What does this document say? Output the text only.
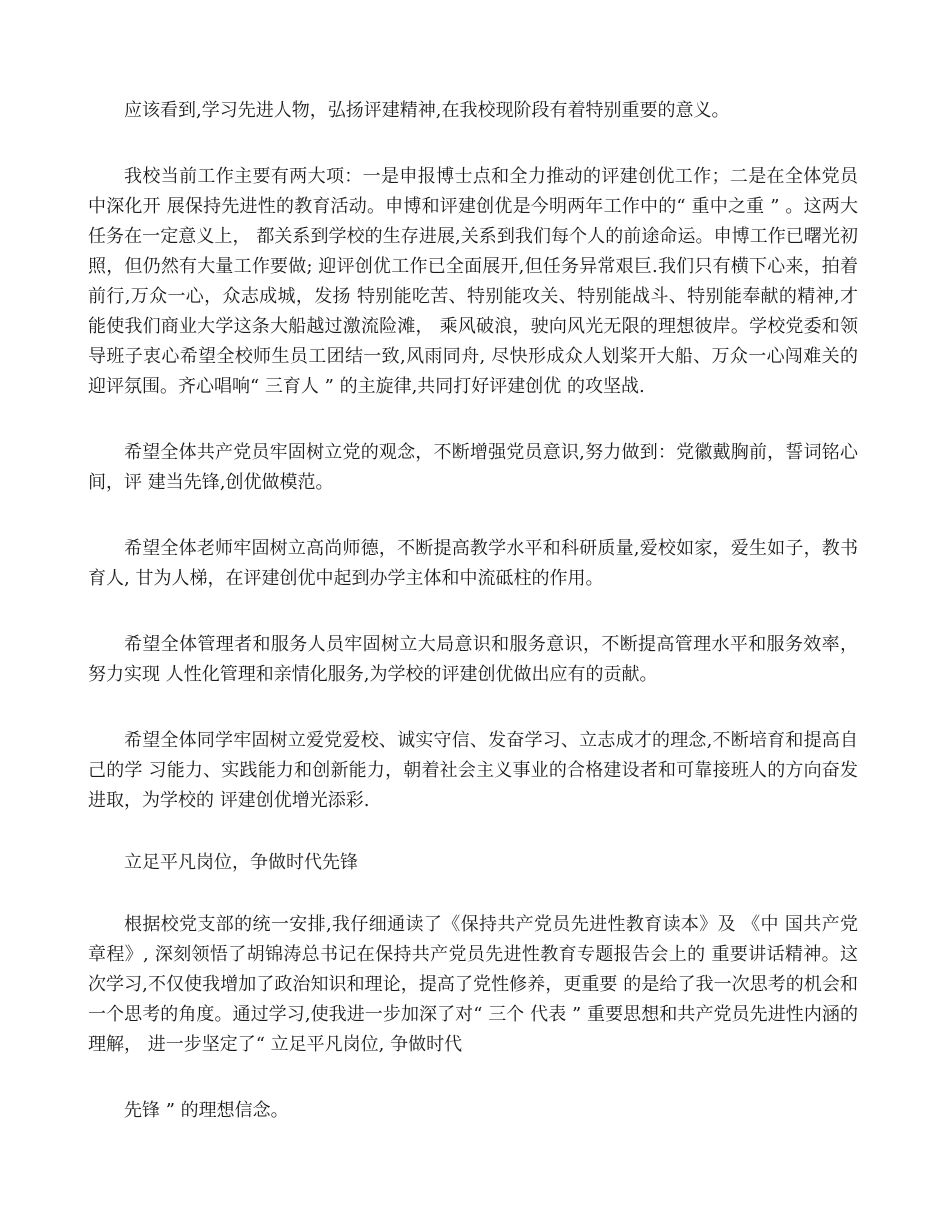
应该看到,学习先进人物，弘扬评建精神,在我校现阶段有着特别重要的意义。

我校当前工作主要有两大项：一是申报博士点和全力推动的评建创优工作；二是在全体党员中深化开 展保持先进性的教育活动。申博和评建创优是今明两年工作中的“ 重中之重 ” 。这两大任务在一定意义上， 都关系到学校的生存进展,关系到我们每个人的前途命运。申博工作已曙光初照，但仍然有大量工作要做; 迎评创优工作已全面展开,但任务异常艰巨.我们只有横下心来，拍着前行,万众一心，众志成城，发扬 特别能吃苦、特别能攻关、特别能战斗、特别能奉献的精神,才能使我们商业大学这条大船越过激流险滩， 乘风破浪，驶向风光无限的理想彼岸。学校党委和领导班子衷心希望全校师生员工团结一致,风雨同舟, 尽快形成众人划桨开大船、万众一心闯难关的迎评氛围。齐心唱响“ 三育人 ” 的主旋律,共同打好评建创优 的攻坚战.

希望全体共产党员牢固树立党的观念，不断增强党员意识,努力做到：党徽戴胸前，誓词铭心间，评 建当先锋,创优做模范。

希望全体老师牢固树立高尚师德，不断提高教学水平和科研质量,爱校如家，爱生如子，教书育人, 甘为人梯，在评建创优中起到办学主体和中流砥柱的作用。

希望全体管理者和服务人员牢固树立大局意识和服务意识，不断提高管理水平和服务效率，努力实现 人性化管理和亲情化服务,为学校的评建创优做出应有的贡献。

希望全体同学牢固树立爱党爱校、诚实守信、发奋学习、立志成才的理念,不断培育和提高自己的学 习能力、实践能力和创新能力，朝着社会主义事业的合格建设者和可靠接班人的方向奋发进取，为学校的 评建创优增光添彩.

立足平凡岗位，争做时代先锋

根据校党支部的统一安排,我仔细通读了《保持共产党员先进性教育读本》及 《中 国共产党章程》, 深刻领悟了胡锦涛总书记在保持共产党员先进性教育专题报告会上的 重要讲话精神。这次学习,不仅使我增加了政治知识和理论，提高了党性修养，更重要 的是给了我一次思考的机会和一个思考的角度。通过学习,使我进一步加深了对“ 三个 代表 ” 重要思想和共产党员先进性内涵的理解， 进一步坚定了“ 立足平凡岗位, 争做时代

先锋 ” 的理想信念。
